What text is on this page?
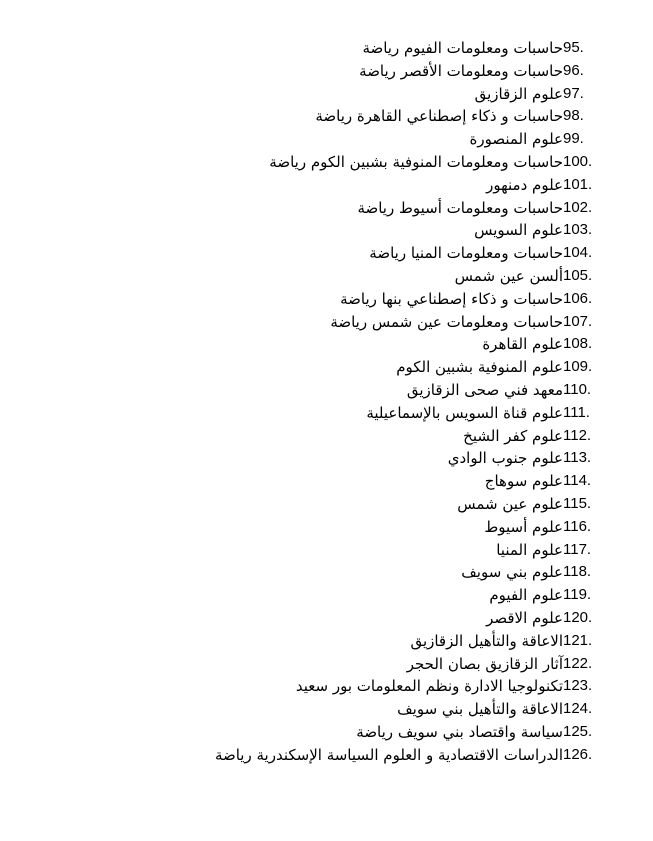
95.
حاسبات ومعلومات الفيوم رياضة
96.
حاسبات ومعلومات الأقصر رياضة
97.
علوم الزقازيق
98.
حاسبات و ذكاء إصطناعي القاهرة رياضة
99.
علوم المنصورة
100.
حاسبات ومعلومات المنوفية بشبين الكوم رياضة
101.
علوم دمنهور
102.
حاسبات ومعلومات أسيوط رياضة
103.
علوم السويس
104.
حاسبات ومعلومات المنيا رياضة
105.
ألسن عين شمس
106.
حاسبات و ذكاء إصطناعي بنها رياضة
107.
حاسبات ومعلومات عين شمس رياضة
108.
علوم القاهرة
109.
علوم المنوفية بشبين الكوم
110.
معهد فني صحى الزقازيق
111.
علوم قناة السويس بالإسماعيلية
112.
علوم كفر الشيخ
113.
علوم جنوب الوادي
114.
علوم سوهاج
115.
علوم عين شمس
116.
علوم أسيوط
117.
علوم المنيا
118.
علوم بني سويف
119.
علوم الفيوم
120.
علوم الاقصر
121.
الاعاقة والتأهيل الزقازيق
122.
آثار الزقازيق بصان الحجر
123.
تكنولوجيا الادارة ونظم المعلومات بور سعيد
124.
الاعاقة والتأهيل بني سويف
125.
سياسة واقتصاد بني سويف رياضة
126.
الدراسات الاقتصادية و العلوم السياسة الإسكندرية رياضة
